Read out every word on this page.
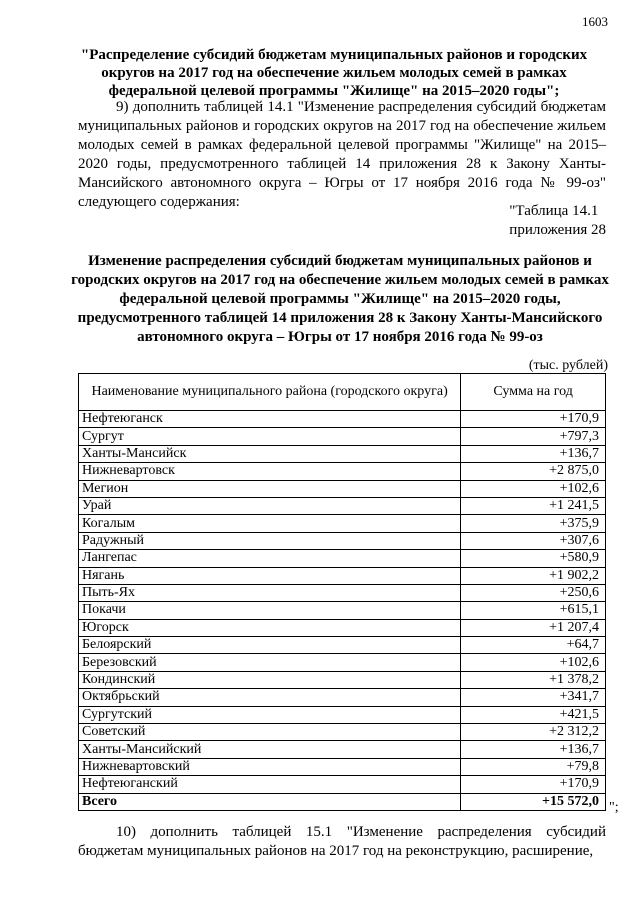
1603
"Распределение субсидий бюджетам муниципальных районов и городских округов на 2017 год на обеспечение жильем молодых семей в рамках федеральной целевой программы "Жилище" на 2015–2020 годы";
9) дополнить таблицей 14.1 "Изменение распределения субсидий бюджетам муниципальных районов и городских округов на 2017 год на обеспечение жильем молодых семей в рамках федеральной целевой программы "Жилище" на 2015–2020 годы, предусмотренного таблицей 14 приложения 28 к Закону Ханты-Мансийского автономного округа – Югры от 17 ноября 2016 года № 99-оз" следующего содержания:
"Таблица 14.1
приложения 28
Изменение распределения субсидий бюджетам муниципальных районов и городских округов на 2017 год на обеспечение жильем молодых семей в рамках федеральной целевой программы "Жилище" на 2015–2020 годы, предусмотренного таблицей 14 приложения 28 к Закону Ханты-Мансийского автономного округа – Югры от 17 ноября 2016 года № 99-оз
(тыс. рублей)
Наименование муниципального района (городского округа)	Сумма на год
Нефтеюганск	+170,9
Сургут	+797,3
Ханты-Мансийск	+136,7
Нижневартовск	+2 875,0
Мегион	+102,6
Урай	+1 241,5
Когалым	+375,9
Радужный	+307,6
Лангепас	+580,9
Нягань	+1 902,2
Пыть-Ях	+250,6
Покачи	+615,1
Югорск	+1 207,4
Белоярский	+64,7
Березовский	+102,6
Кондинский	+1 378,2
Октябрьский	+341,7
Сургутский	+421,5
Советский	+2 312,2
Ханты-Мансийский	+136,7
Нижневартовский	+79,8
Нефтеюганский	+170,9
Всего	+15 572,0 ";
10) дополнить таблицей 15.1 "Изменение распределения субсидий бюджетам муниципальных районов на 2017 год на реконструкцию, расширение,
